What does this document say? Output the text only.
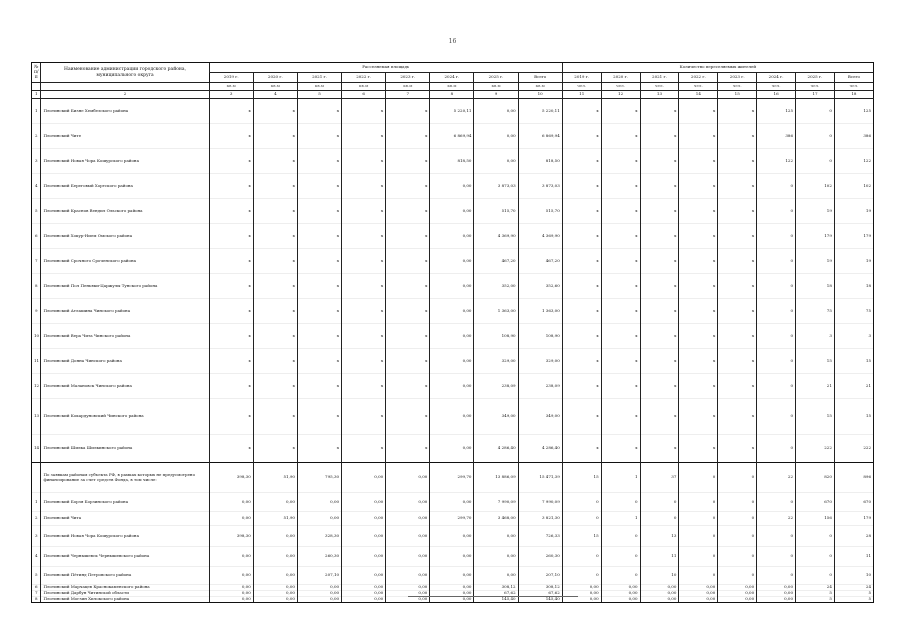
16
№ п/п	Наименование администрации городского района, муниципального округа	Расселяемая площадь								Количество переселяемых жителей							
		2019 г.	2020 г.	2021 г.	2022 г.	2023 г.	2024 г.	2025 г.	Всего	2019 г.	2020 г.	2021 г.	2022 г.	2023 г.	2024 г.	2025 г.	Всего
		кв.м	кв.м	кв.м	кв.м	кв.м	кв.м	кв.м	кв.м	чел.	чел.	чел.	чел.	чел.	чел.	чел.	чел.
1	2	3	4	5	6	7	8	9	10	11	12	13	14	15	16	17	18
1	Плотинский Бизне Хембезского района	х	х	х	х	х	5 220,11	0,00	5 220,11	х	х	х	х	х	125	0	125
2	Плотинский Чите	х	х	х	х	х	6 869,94	0,00	6 869,94	х	х	х	х	х	386	0	386
3	Плотинский Новая Чора Кошурского района	х	х	х	х	х	818,50	0,00	818,50	х	х	х	х	х	122	0	122
4	Плотинский Береговый Хортского района	х	х	х	х	х	0,00	3 873,03	3 873,03	х	х	х	х	х	0	102	102
5	Плотинский Краснов Вендил Ольского района	х	х	х	х	х	0,00	515,70	515,70	х	х	х	х	х	0	19	19
6	Плотинский Хокур-Нием Омского района	х	х	х	х	х	0,00	4 369,90	4 369,90	х	х	х	х	х	0	179	179
7	Плотинский Срочного Сроченского района	х	х	х	х	х	0,00	467,20	467,20	х	х	х	х	х	0	19	19
8	Плотинский Пол Пеньяки-Царжулы Тунского района	х	х	х	х	х	0,00	352,00	352,60	х	х	х	х	х	0	18	18
9	Плотинский Атлашина Чинского района	х	х	х	х	х	0,00	1 363,00	1 363,00	х	х	х	х	х	0	75	75
10	Плотинский Вера Чита Чинского района	х	х	х	х	х	0,00	108,90	108,90	х	х	х	х	х	0	3	3
11	Плотинский Донна Чинского района	х	х	х	х	х	0,00	329,00	329,00	х	х	х	х	х	0	15	15
12	Плотинский Малановск Чинского района	х	х	х	х	х	0,00	238,09	238,09	х	х	х	х	х	0	21	21
13	Плотинский Кокардуновский Чинского района	х	х	х	х	х	0,00	349,00	349,00	х	х	х	х	х	0	15	15
14	Плотинский Шилка Шилкинского района	х	х	х	х	х	0,00	4 286,40	4 286,40	х	х	х	х	х	0	222	222
	По заявкам районам субъекта РФ, в рамках которых не предусмотрено финансирование за счет средств Фонда, в том числе:	398,30	51,90	795,30	0,00	0,00	299,70	13 886,09	15 471,39	15	1	37	0	0	22	820	896
1	Плотинский Борзя Борзинского района	0,00	0,00	0,00	0,00	0,00	0,00	7 990,09	7 990,09	0	0	0	0	0	0	670	670
2	Плотинский Чита	0,00	51,90	0,00	0,00	0,00	299,70	3 468,00	3 821,30	0	1	0	0	0	22	156	179
3	Плотинский Новая Чора Кошурского района	398,30	0,00	328,30	0,00	0,00	0,00	0,00	726,33	15	0	13	0	0	0	0	28
4	Плотинский Чернышевск Чернышевского района	0,00	0,00	260,30	0,00	0,00	0,00	0,00	260,30	0	0	11	0	0	0	0	11
5	Плотинский Пётинд Петровского района	0,00	0,00	207,10	0,00	0,00	0,00	0,00	207,10	0	0	10	0	0	0	0	10
6	Плотинский Марчацев Краснокаменского района	0,00	0,00	0,00	0,00	0,00	0,00	308,12	308,12	0,00	0,00	0,00	0,00	0,00	0,00	24	24
7	Плотинский Дарбун Читинской области	0,00	0,00	0,00	0,00	0,00	0,00	67,62	67,62	0,00	0,00	0,00	0,00	0,00	0,00	5	5
8	Плотинский Могзин Хилокского района	0,00	0,00	0,00	0,00	0,00	0,00	145,40	145,40	0,00	0,00	0,00	0,00	0,00	0,00	5	5
